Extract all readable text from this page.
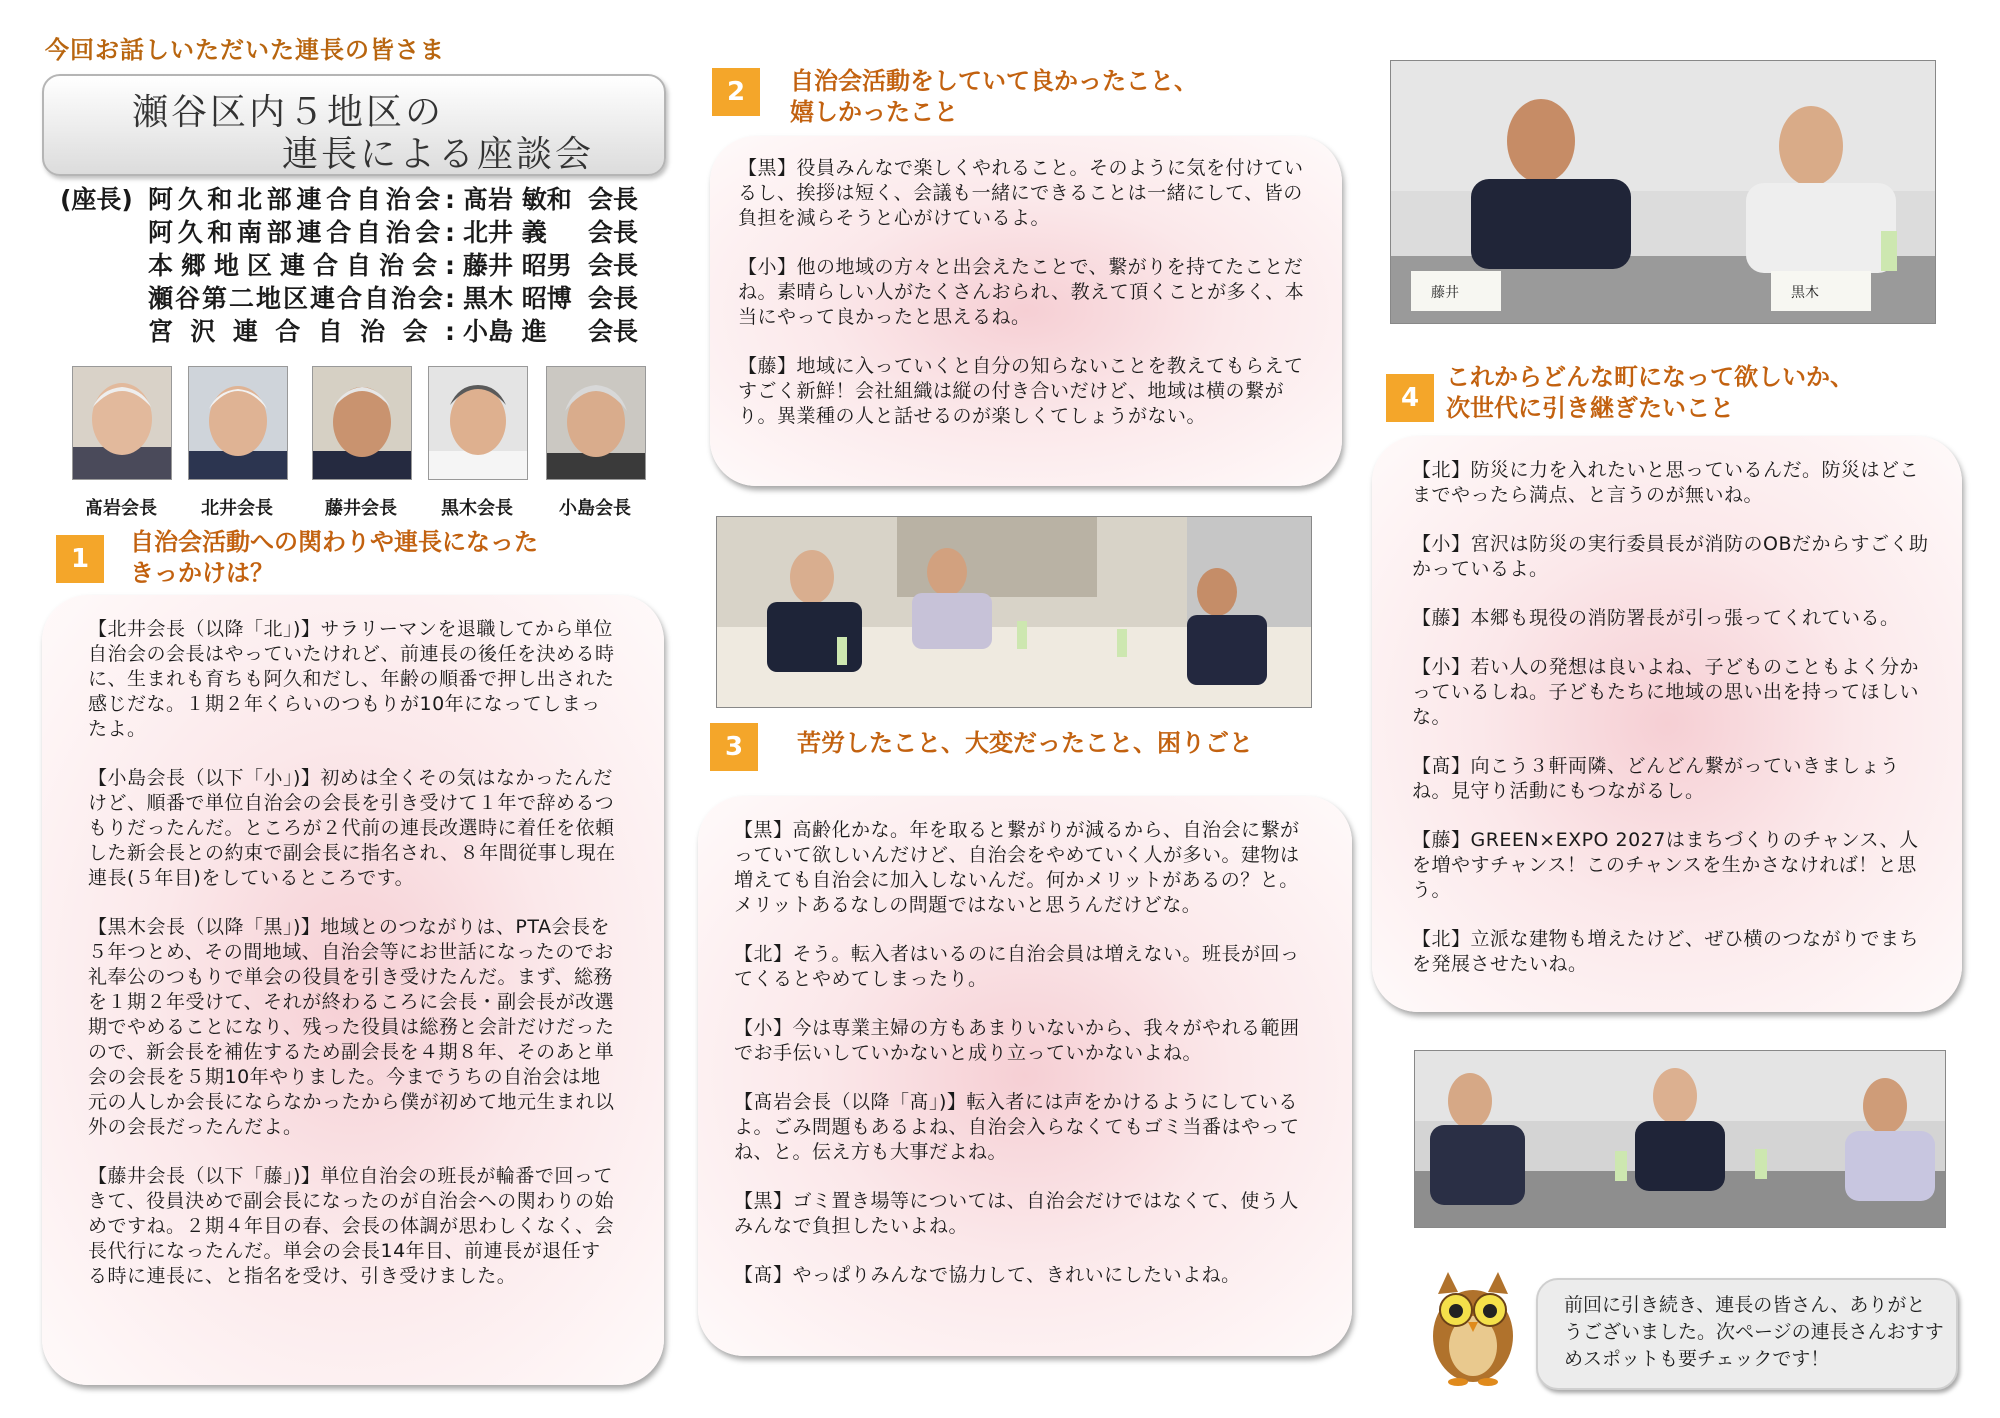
今回お話しいただいた連長の皆さま
瀬谷区内５地区の
連長による座談会
(座長) 阿久和北部連合自治会: 髙岩 敏和 会長
阿久和南部連合自治会: 北井 義 会長
本郷地区連合自治会: 藤井 昭男 会長
瀬谷第二地区連合自治会: 黒木 昭博 会長
宮沢連合自治会: 小島 進 会長
髙岩会長	北井会長	藤井会長	黒木会長	小島会長
1
自治会活動への関わりや連長になった
きっかけは？

【北井会長（以降「北」)】サラリーマンを退職してから単位自治会の会長はやっていたけれど、前連長の後任を決める時に、生まれも育ちも阿久和だし、年齢の順番で押し出された感じだな。１期２年くらいのつもりが10年になってしまったよ。

【小島会長（以下「小」)】初めは全くその気はなかったんだけど、順番で単位自治会の会長を引き受けて１年で辞めるつもりだったんだ。ところが２代前の連長改選時に着任を依頼した新会長との約束で副会長に指名され、８年間従事し現在連長(５年目)をしているところです。

【黒木会長（以降「黒」)】地域とのつながりは、PTA会長を５年つとめ、その間地域、自治会等にお世話になったのでお礼奉公のつもりで単会の役員を引き受けたんだ。まず、総務を１期２年受けて、それが終わるころに会長・副会長が改選期でやめることになり、残った役員は総務と会計だけだったので、新会長を補佐するため副会長を４期８年、そのあと単会の会長を５期10年やりました。今までうちの自治会は地元の人しか会長にならなかったから僕が初めて地元生まれ以外の会長だったんだよ。

【藤井会長（以下「藤」)】単位自治会の班長が輪番で回ってきて、役員決めで副会長になったのが自治会への関わりの始めですね。２期４年目の春、会長の体調が思わしくなく、会長代行になったんだ。単会の会長14年目、前連長が退任する時に連長に、と指名を受け、引き受けました。

2	自治会活動をしていて良かったこと、
嬉しかったこと

【黒】役員みんなで楽しくやれること。そのように気を付けているし、挨拶は短く、会議も一緒にできることは一緒にして、皆の負担を減らそうと心がけているよ。

【小】他の地域の方々と出会えたことで、繋がりを持てたことだね。素晴らしい人がたくさんおられ、教えて頂くことが多く、本当にやって良かったと思えるね。

【藤】地域に入っていくと自分の知らないことを教えてもらえてすごく新鮮！会社組織は縦の付き合いだけど、地域は横の繋がり。異業種の人と話せるのが楽しくてしょうがない。

3	苦労したこと、大変だったこと、困りごと

【黒】高齢化かな。年を取ると繋がりが減るから、自治会に繋がっていて欲しいんだけど、自治会をやめていく人が多い。建物は増えても自治会に加入しないんだ。何かメリットがあるの？と。メリットあるなしの問題ではないと思うんだけどな。

【北】そう。転入者はいるのに自治会員は増えない。班長が回ってくるとやめてしまったり。

【小】今は専業主婦の方もあまりいないから、我々がやれる範囲でお手伝いしていかないと成り立っていかないよね。

【髙岩会長（以降「髙」)】転入者には声をかけるようにしているよ。ごみ問題もあるよね、自治会入らなくてもゴミ当番はやってね、と。伝え方も大事だよね。

【黒】ゴミ置き場等については、自治会だけではなくて、使う人みんなで負担したいよね。

【髙】やっぱりみんなで協力して、きれいにしたいよね。

藤井	黒木
4
これからどんな町になって欲しいか、
次世代に引き継ぎたいこと

【北】防災に力を入れたいと思っているんだ。防災はどこまでやったら満点、と言うのが無いね。

【小】宮沢は防災の実行委員長が消防のOBだからすごく助かっているよ。

【藤】本郷も現役の消防署長が引っ張ってくれている。

【小】若い人の発想は良いよね、子どものこともよく分かっているしね。子どもたちに地域の思い出を持ってほしいな。

【髙】向こう３軒両隣、どんどん繋がっていきましょうね。見守り活動にもつながるし。

【藤】GREEN×EXPO 2027はまちづくりのチャンス、人を増やすチャンス！このチャンスを生かさなければ！と思う。

【北】立派な建物も増えたけど、ぜひ横のつながりでまちを発展させたいね。

前回に引き続き、連長の皆さん、ありがとうございました。次ページの連長さんおすすめスポットも要チェックです！
